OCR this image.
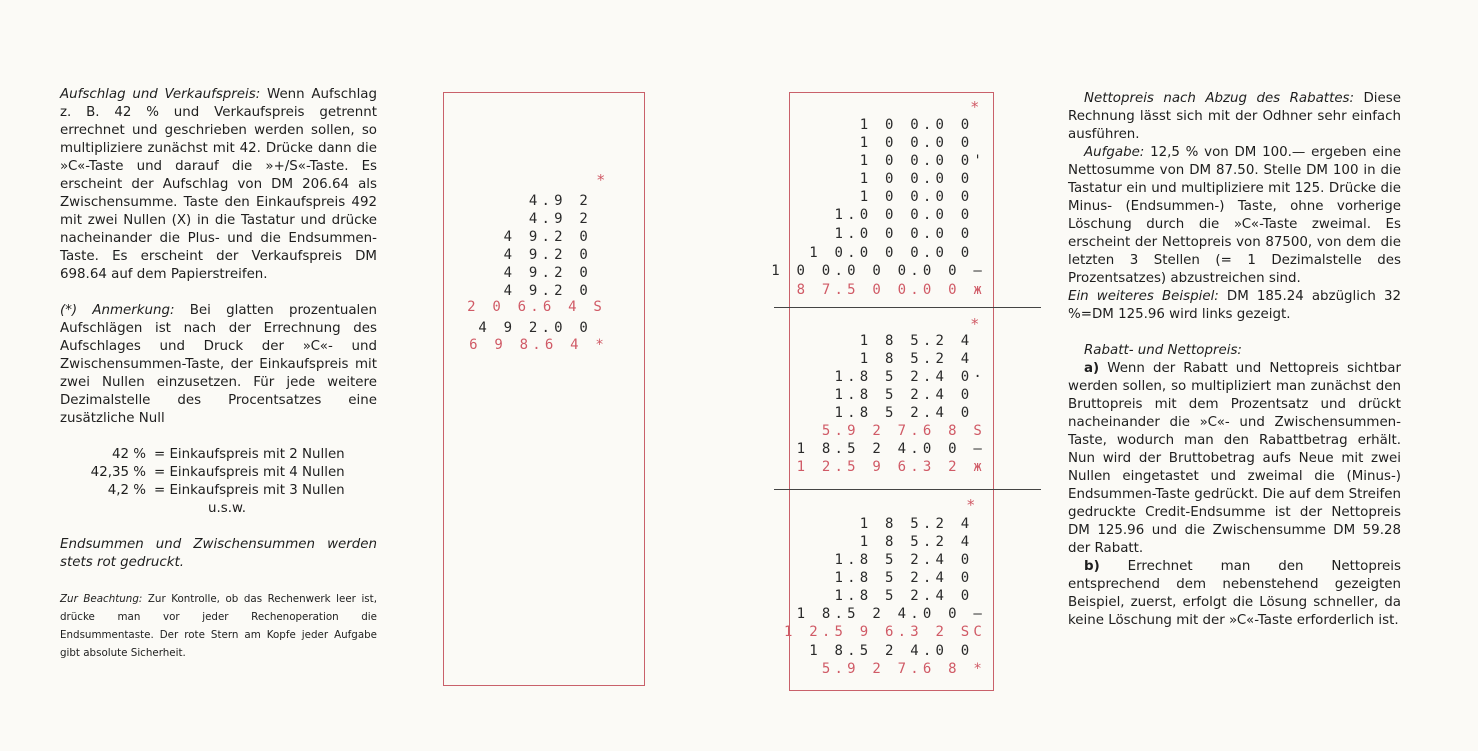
Aufschlag und Verkaufspreis: Wenn Aufschlag z. B. 42 % und Verkaufspreis getrennt errechnet und geschrieben werden sollen, so multipliziere zunächst mit 42. Drücke dann die »C«-Taste und darauf die »+/S«-Taste. Es erscheint der Aufschlag von DM 206.64 als Zwischensumme. Taste den Einkaufspreis 492 mit zwei Nullen (X) in die Tastatur und drücke nacheinander die Plus- und die Endsummen-Taste. Es erscheint der Verkaufspreis DM 698.64 auf dem Papierstreifen.

(*) Anmerkung: Bei glatten prozentualen Aufschlägen ist nach der Errechnung des Aufschlages und Druck der »C«- und Zwischensummen-Taste, der Einkaufspreis mit zwei Nullen einzusetzen. Für jede weitere Dezimalstelle des Procentsatzes eine zusätzliche Null

42 % = Einkaufspreis mit 2 Nullen
42,35 % = Einkaufspreis mit 4 Nullen
4,2 % = Einkaufspreis mit 3 Nullen
u.s.w.

Endsummen und Zwischensummen werden stets rot gedruckt.

Zur Beachtung: Zur Kontrolle, ob das Rechenwerk leer ist, drücke man vor jeder Rechenoperation die Endsummentaste. Der rote Stern am Kopfe jeder Aufgabe gibt absolute Sicherheit.

*
4.9 2
4.9 2
4 9.2 0
4 9.2 0
4 9.2 0
4 9.2 0
2 0 6.6 4 S
4 9 2.0 0
6 9 8.6 4 *
*
1 0 0.0 0
1 0 0.0 0
1 0 0.0 0'
1 0 0.0 0
1 0 0.0 0
1.0 0 0.0 0
1.0 0 0.0 0
1 0.0 0 0.0 0
1 0 0.0 0 0.0 0 –
8 7.5 0 0.0 0 ж
*
1 8 5.2 4
1 8 5.2 4
1.8 5 2.4 0·
1.8 5 2.4 0
1.8 5 2.4 0
5.9 2 7.6 8 S
1 8.5 2 4.0 0 –
1 2.5 9 6.3 2 ж
*
1 8 5.2 4
1 8 5.2 4
1.8 5 2.4 0
1.8 5 2.4 0
1.8 5 2.4 0
1 8.5 2 4.0 0 –
1 2.5 9 6.3 2 SC
1 8.5 2 4.0 0
5.9 2 7.6 8 *

Nettopreis nach Abzug des Rabattes: Diese Rechnung lässt sich mit der Odhner sehr einfach ausführen.

Aufgabe: 12,5 % von DM 100.— ergeben eine Nettosumme von DM 87.50. Stelle DM 100 in die Tastatur ein und multipliziere mit 125. Drücke die Minus- (Endsummen-) Taste, ohne vorherige Löschung durch die »C«-Taste zweimal. Es erscheint der Nettopreis von 87500, von dem die letzten 3 Stellen (= 1 Dezimalstelle des Prozentsatzes) abzustreichen sind.

Ein weiteres Beispiel: DM 185.24 abzüglich 32 %=DM 125.96 wird links gezeigt.

Rabatt- und Nettopreis:

a) Wenn der Rabatt und Nettopreis sichtbar werden sollen, so multipliziert man zunächst den Bruttopreis mit dem Prozentsatz und drückt nacheinander die »C«- und Zwischensummen-Taste, wodurch man den Rabattbetrag erhält. Nun wird der Bruttobetrag aufs Neue mit zwei Nullen eingetastet und zweimal die (Minus-) Endsummen-Taste gedrückt. Die auf dem Streifen gedruckte Credit-Endsumme ist der Nettopreis DM 125.96 und die Zwischensumme DM 59.28 der Rabatt.

b) Errechnet man den Nettopreis entsprechend dem nebenstehend gezeigten Beispiel, zuerst, erfolgt die Lösung schneller, da keine Löschung mit der »C«-Taste erforderlich ist.
